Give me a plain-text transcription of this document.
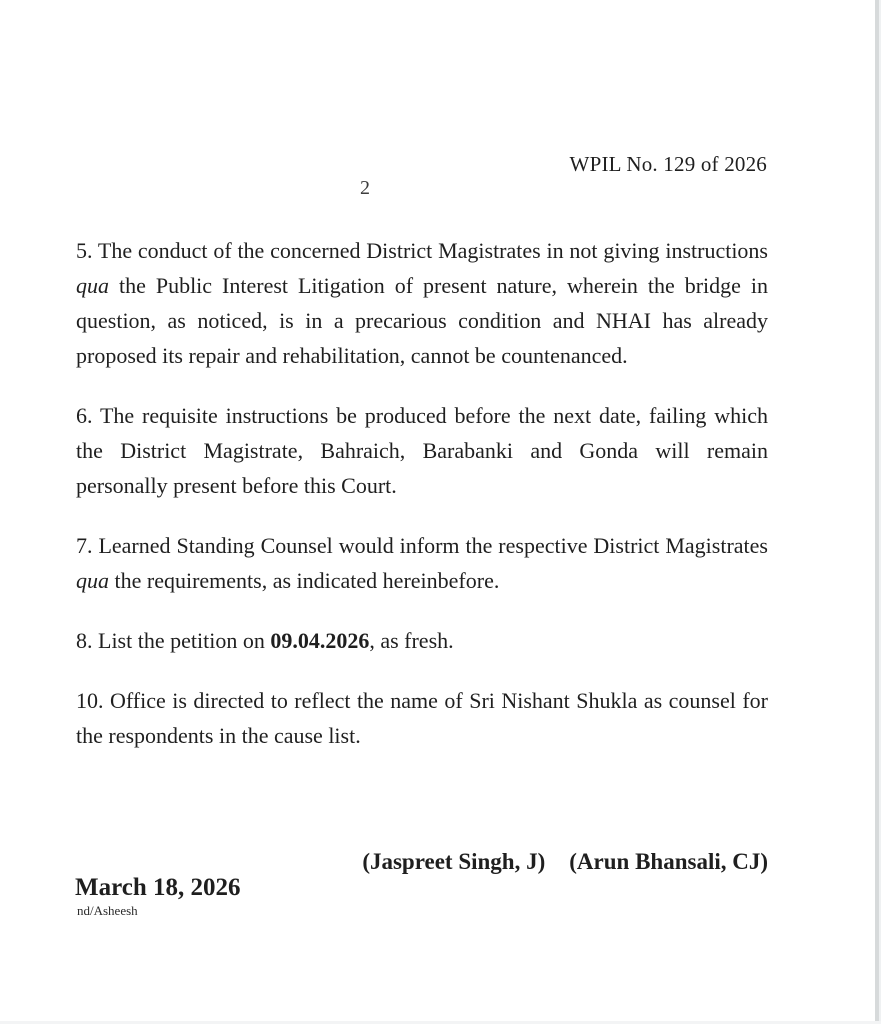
WPIL No. 129 of 2026
2

5. The conduct of the concerned District Magistrates in not giving instructions qua the Public Interest Litigation of present nature, wherein the bridge in question, as noticed, is in a precarious condition and NHAI has already proposed its repair and rehabilitation, cannot be countenanced.

6. The requisite instructions be produced before the next date, failing which the District Magistrate, Bahraich, Barabanki and Gonda will remain personally present before this Court.

7. Learned Standing Counsel would inform the respective District Magistrates qua the requirements, as indicated hereinbefore.

8. List the petition on 09.04.2026, as fresh.

10. Office is directed to reflect the name of Sri Nishant Shukla as counsel for the respondents in the cause list.

(Jaspreet Singh, J) (Arun Bhansali, CJ)
March 18, 2026
nd/Asheesh
